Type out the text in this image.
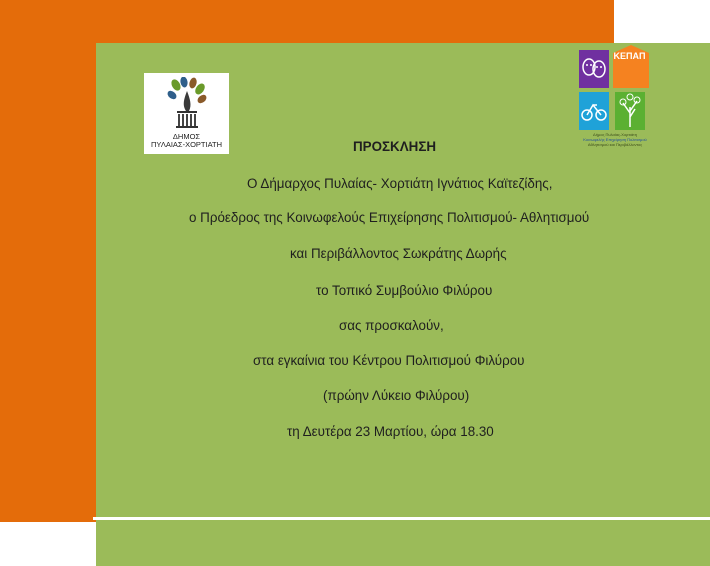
ΔΗΜΟΣ
ΠΥΛΑΙΑΣ-ΧΟΡΤΙΑΤΗ
ΚΕΠΑΠ
Δήμος Πυλαίας-Χορτιάτη
Κοινωφελής Επιχείρηση Πολιτισμού
Αθλητισμού και Περιβάλλοντος
ΠΡΟΣΚΛΗΣΗ
Ο Δήμαρχος Πυλαίας- Χορτιάτη Ιγνάτιος Καϊτεζίδης,
ο Πρόεδρος της Κοινωφελούς Επιχείρησης Πολιτισμού- Αθλητισμού
και Περιβάλλοντος Σωκράτης Δωρής
το Τοπικό Συμβούλιο Φιλύρου
σας προσκαλούν,
στα εγκαίνια του Κέντρου Πολιτισμού Φιλύρου
(πρώην Λύκειο Φιλύρου)
τη Δευτέρα 23 Μαρτίου, ώρα 18.30
